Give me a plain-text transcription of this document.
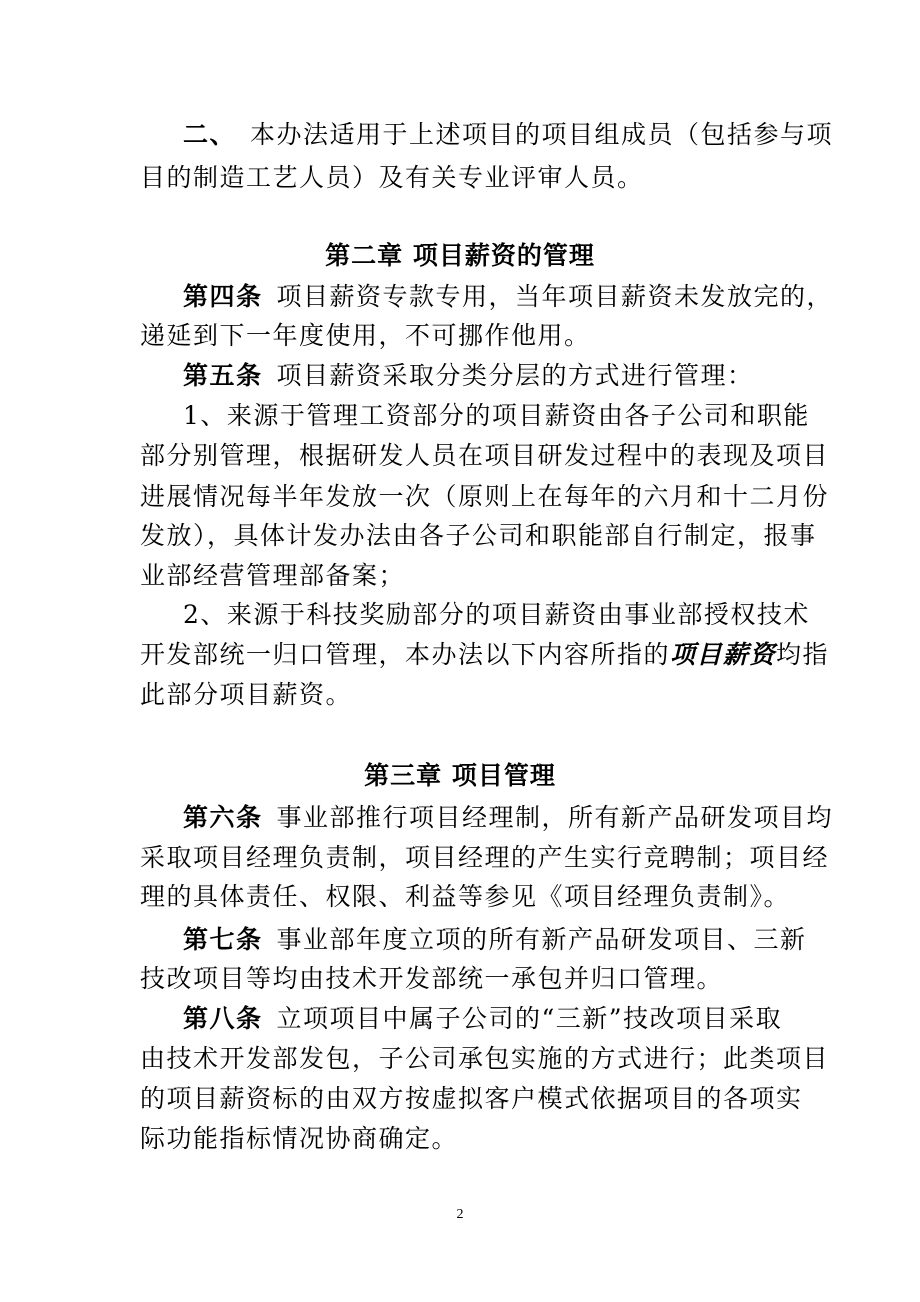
二、 本办法适用于上述项目的项目组成员（包括参与项
目的制造工艺人员）及有关专业评审人员。
第二章 项目薪资的管理
第四条 项目薪资专款专用，当年项目薪资未发放完的，
递延到下一年度使用，不可挪作他用。
第五条 项目薪资采取分类分层的方式进行管理：
1、来源于管理工资部分的项目薪资由各子公司和职能
部分别管理，根据研发人员在项目研发过程中的表现及项目
进展情况每半年发放一次（原则上在每年的六月和十二月份
发放），具体计发办法由各子公司和职能部自行制定，报事
业部经营管理部备案；
2、来源于科技奖励部分的项目薪资由事业部授权技术
开发部统一归口管理，本办法以下内容所指的项目薪资均指
此部分项目薪资。
第三章 项目管理
第六条 事业部推行项目经理制，所有新产品研发项目均
采取项目经理负责制，项目经理的产生实行竞聘制；项目经
理的具体责任、权限、利益等参见《项目经理负责制》。
第七条 事业部年度立项的所有新产品研发项目、三新
技改项目等均由技术开发部统一承包并归口管理。
第八条 立项项目中属子公司的“三新”技改项目采取
由技术开发部发包，子公司承包实施的方式进行；此类项目
的项目薪资标的由双方按虚拟客户模式依据项目的各项实
际功能指标情况协商确定。
2
